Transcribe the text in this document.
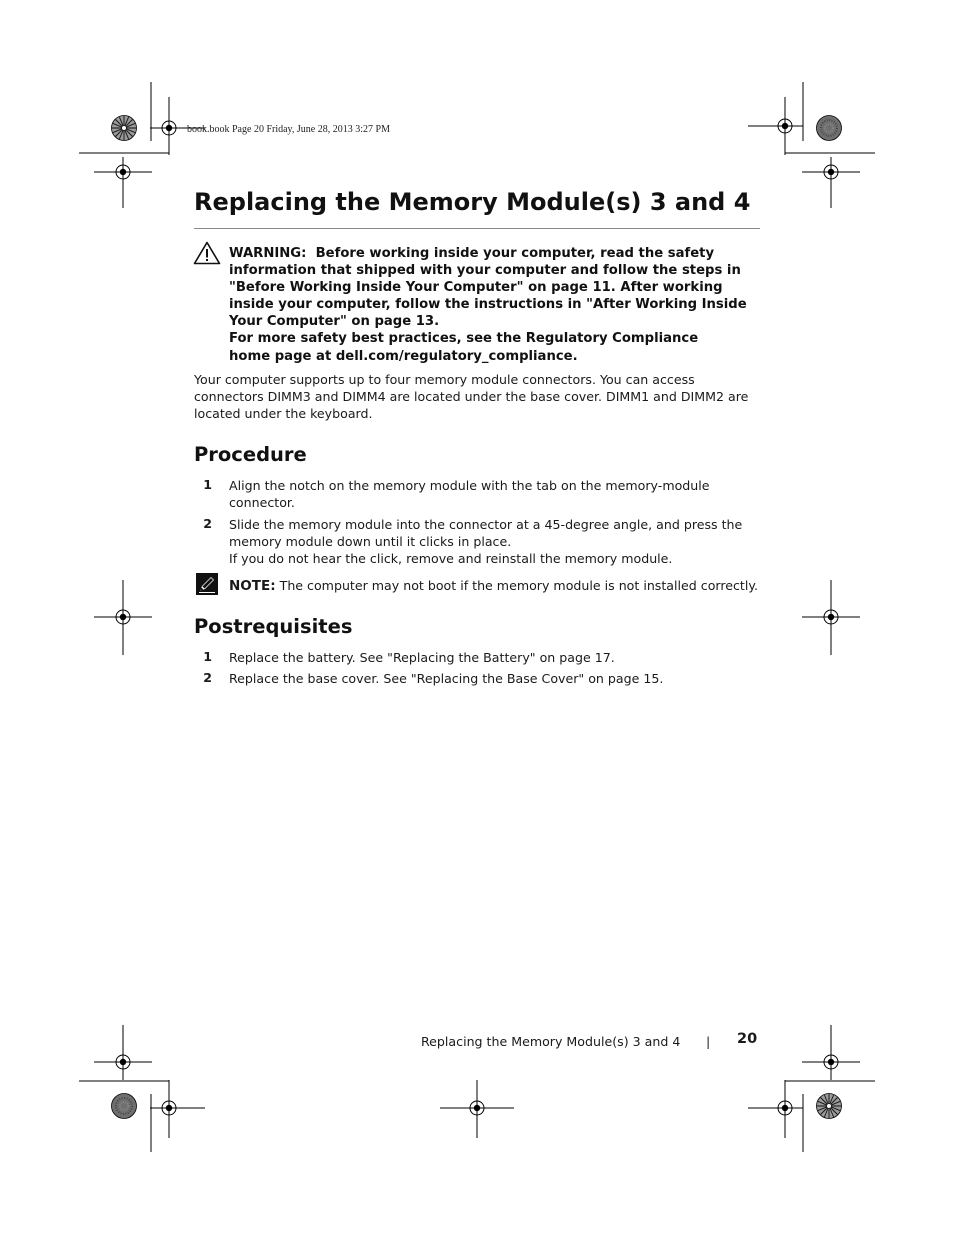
book.book Page 20 Friday, June 28, 2013 3:27 PM
Replacing the Memory Module(s) 3 and 4

WARNING: Before working inside your computer, read the safety

information that shipped with your computer and follow the steps in

"Before Working Inside Your Computer" on page 11. After working

inside your computer, follow the instructions in "After Working Inside

Your Computer" on page 13.

For more safety best practices, see the Regulatory Compliance

home page at dell.com/regulatory_compliance.

Your computer supports up to four memory module connectors. You can access
connectors DIMM3 and DIMM4 are located under the base cover. DIMM1 and DIMM2 are
located under the keyboard.
Procedure
1 Align the notch on the memory module with the tab on the memory-module
connector.
2 Slide the memory module into the connector at a 45-degree angle, and press the
memory module down until it clicks in place.
If you do not hear the click, remove and reinstall the memory module.
NOTE: The computer may not boot if the memory module is not installed correctly.
Postrequisites
1 Replace the battery. See "Replacing the Battery" on page 17.
2 Replace the base cover. See "Replacing the Base Cover" on page 15.
Replacing the Memory Module(s) 3 and 4 | 20
